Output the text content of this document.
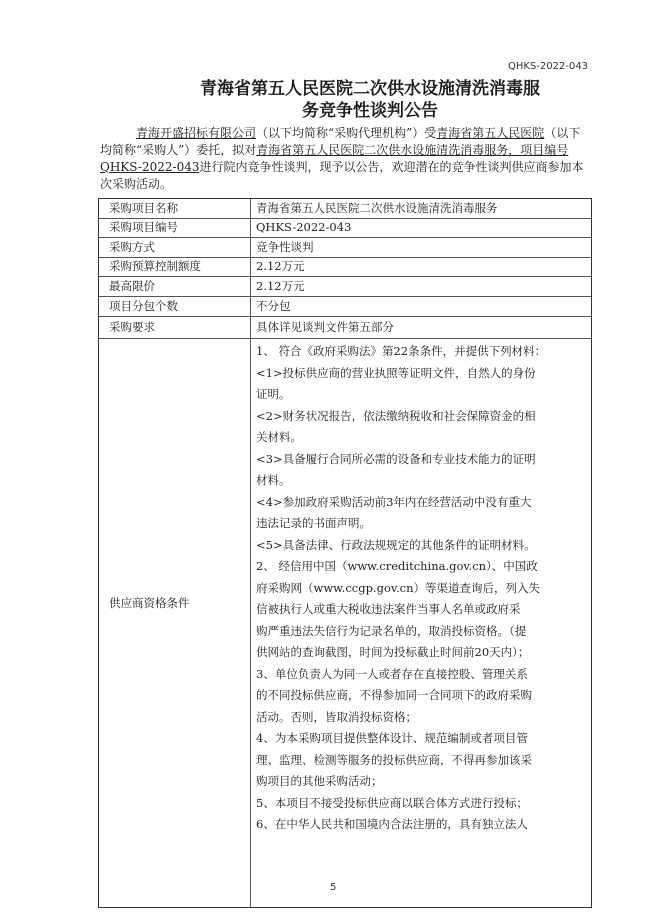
QHKS-2022-043
青海省第五人民医院二次供水设施清洗消毒服
务竞争性谈判公告
青海开盛招标有限公司（以下均简称“采购代理机构”）受青海省第五人民医院（以下均简称“采购人”）委托，拟对青海省第五人民医院二次供水设施清洗消毒服务，项目编号QHKS-2022-043进行院内竞争性谈判，现予以公告，欢迎潜在的竞争性谈判供应商参加本次采购活动。
采购项目名称	青海省第五人民医院二次供水设施清洗消毒服务
采购项目编号	QHKS-2022-043
采购方式	竞争性谈判
采购预算控制额度	2.12万元
最高限价	2.12万元
项目分包个数	不分包
采购要求	具体详见谈判文件第五部分
供应商资格条件
1、 符合《政府采购法》第22条条件，并提供下列材料：
<1>投标供应商的营业执照等证明文件，自然人的身份
证明。
<2>财务状况报告，依法缴纳税收和社会保障资金的相
关材料。
<3>具备履行合同所必需的设备和专业技术能力的证明
材料。
<4>参加政府采购活动前3年内在经营活动中没有重大
违法记录的书面声明。
<5>具备法律、行政法规规定的其他条件的证明材料。
2、 经信用中国（www.creditchina.gov.cn）、中国政
府采购网（www.ccgp.gov.cn）等渠道查询后，列入失
信被执行人或重大税收违法案件当事人名单或政府采
购严重违法失信行为记录名单的，取消投标资格。（提
供网站的查询截图，时间为投标截止时间前20天内）；
3、单位负责人为同一人或者存在直接控股、管理关系
的不同投标供应商，不得参加同一合同项下的政府采购
活动。否则，皆取消投标资格；
4、为本采购项目提供整体设计、规范编制或者项目管
理、监理、检测等服务的投标供应商，不得再参加该采
购项目的其他采购活动；
5、本项目不接受投标供应商以联合体方式进行投标；
6、在中华人民共和国境内合法注册的，具有独立法人
5
